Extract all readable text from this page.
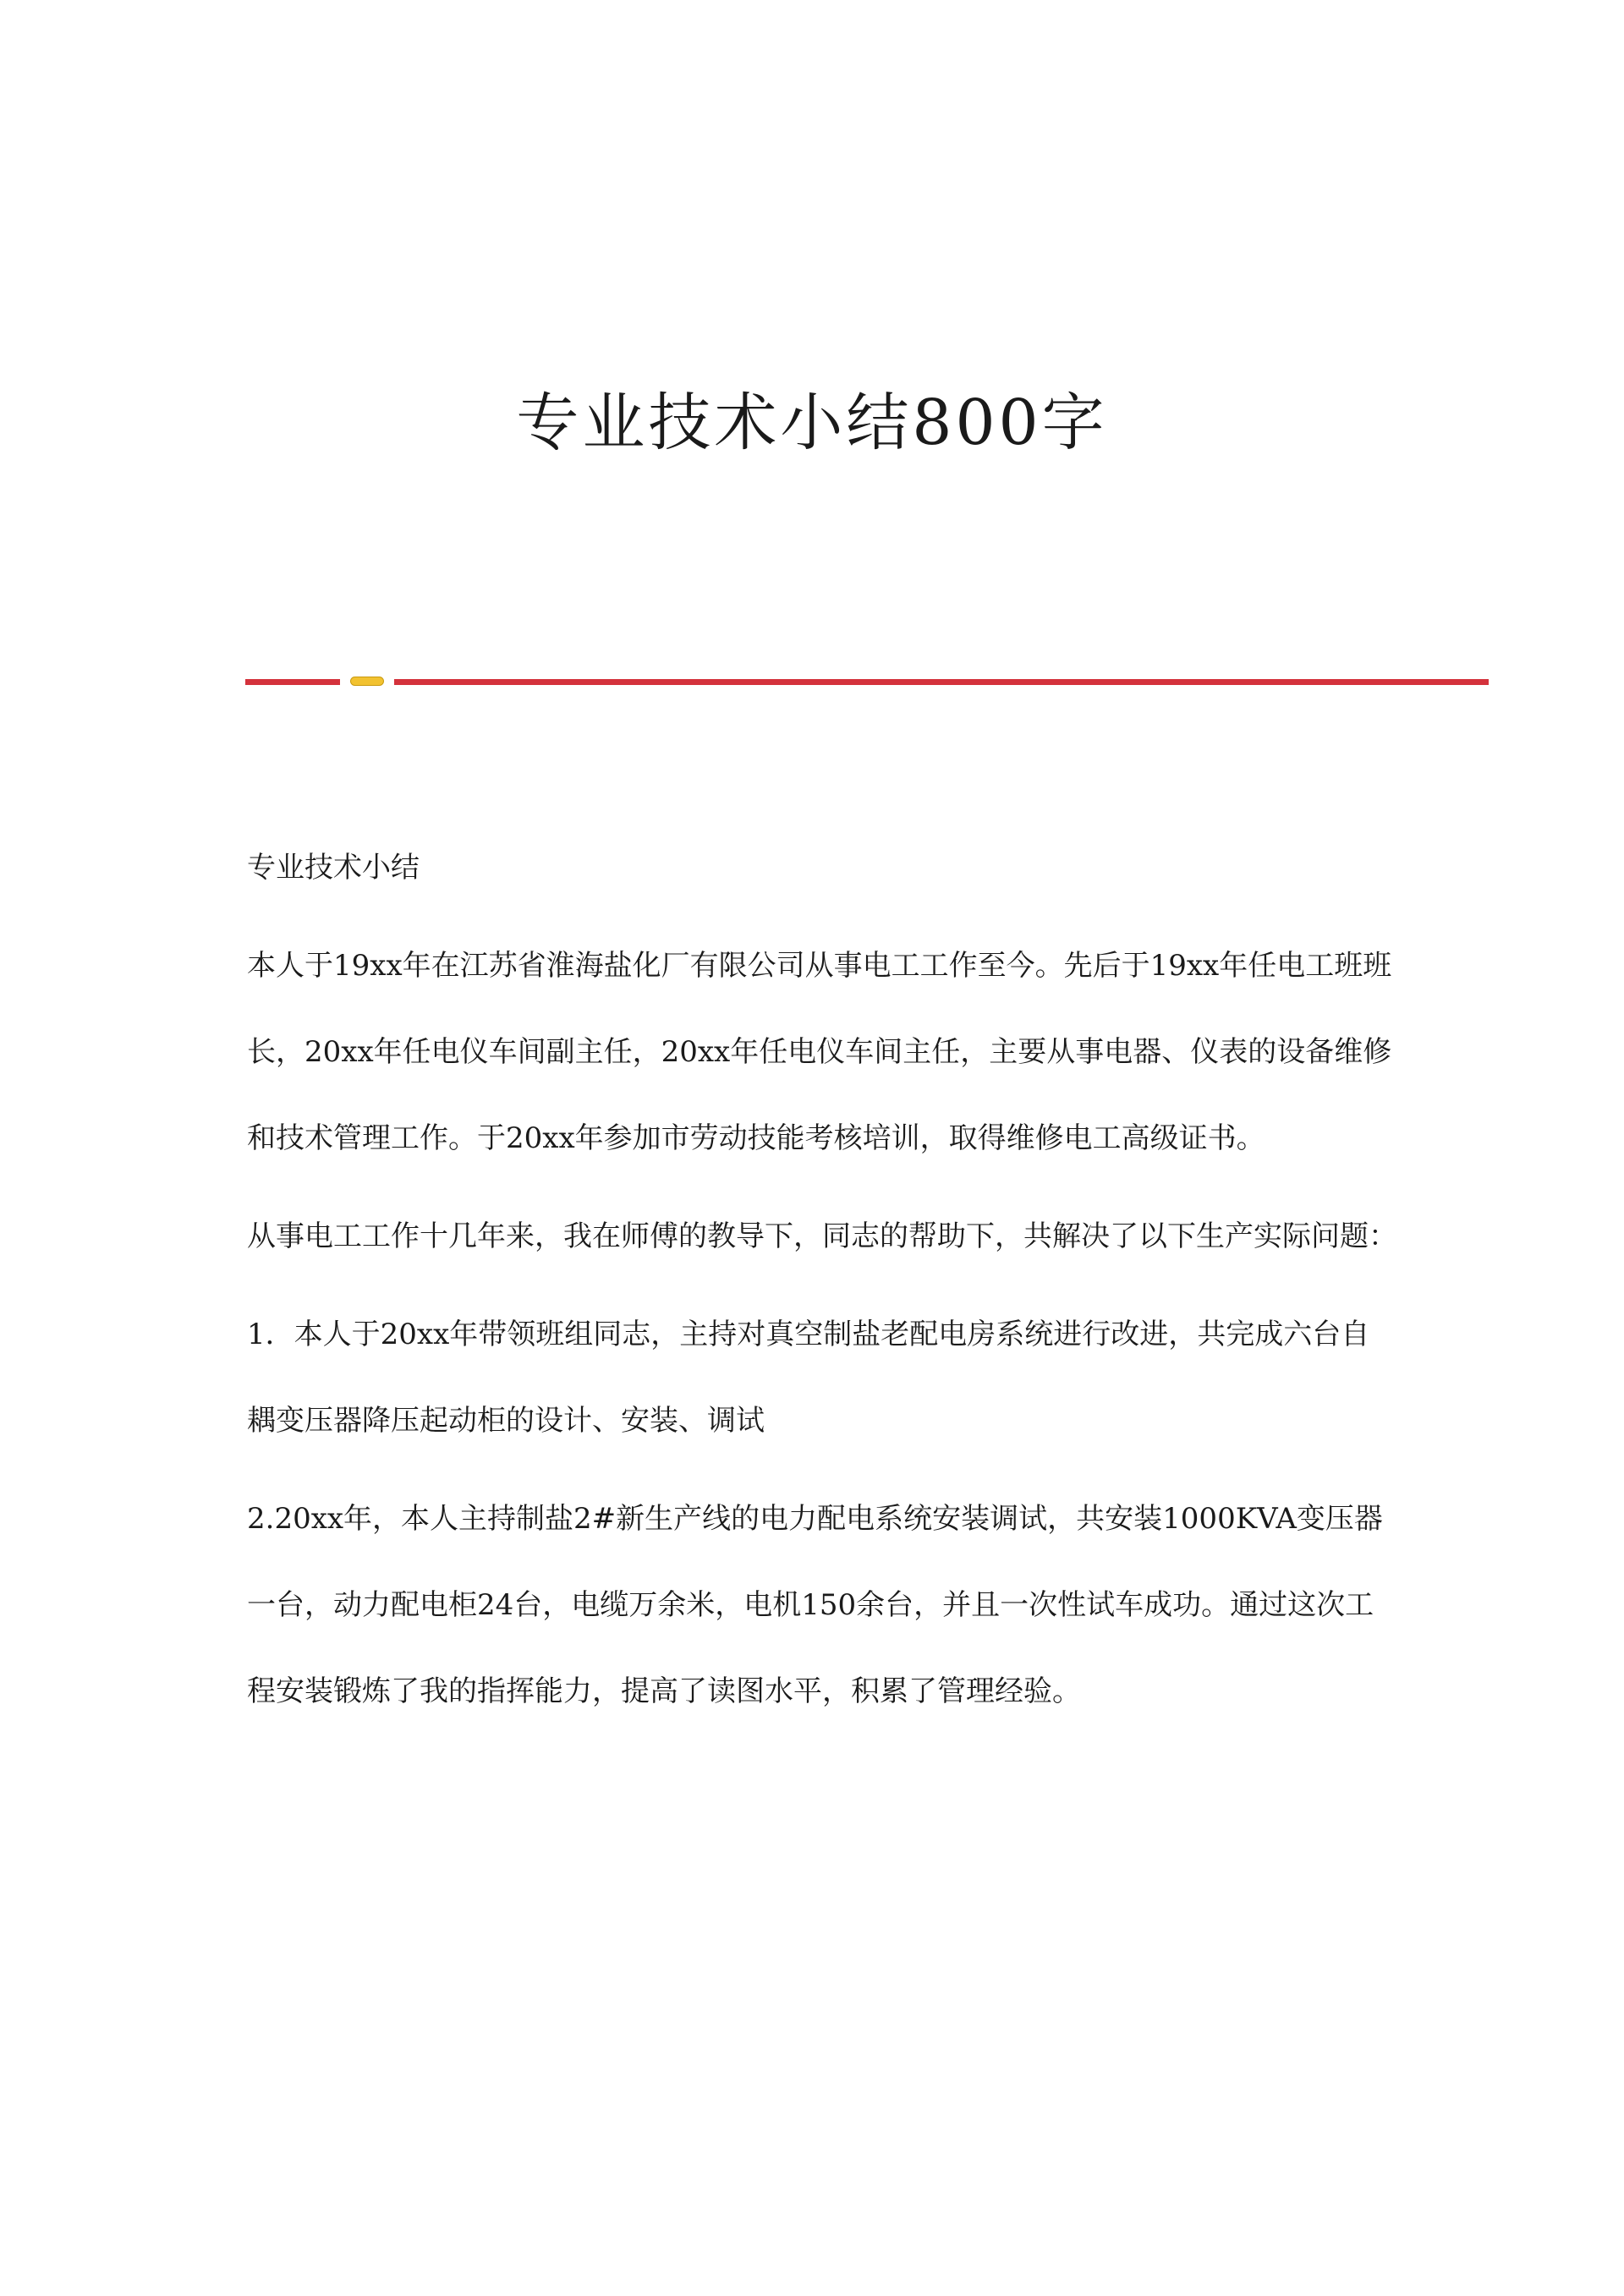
专业技术小结800字

专业技术小结

本人于19xx年在江苏省淮海盐化厂有限公司从事电工工作至今。先后于19xx年任电工班班长，20xx年任电仪车间副主任，20xx年任电仪车间主任，主要从事电器、仪表的设备维修和技术管理工作。于20xx年参加市劳动技能考核培训，取得维修电工高级证书。

从事电工工作十几年来，我在师傅的教导下，同志的帮助下，共解决了以下生产实际问题：

1．本人于20xx年带领班组同志，主持对真空制盐老配电房系统进行改进，共完成六台自耦变压器降压起动柜的设计、安装、调试

2.20xx年，本人主持制盐2#新生产线的电力配电系统安装调试，共安装1000KVA变压器一台，动力配电柜24台，电缆万余米，电机150余台，并且一次性试车成功。通过这次工程安装锻炼了我的指挥能力，提高了读图水平，积累了管理经验。
